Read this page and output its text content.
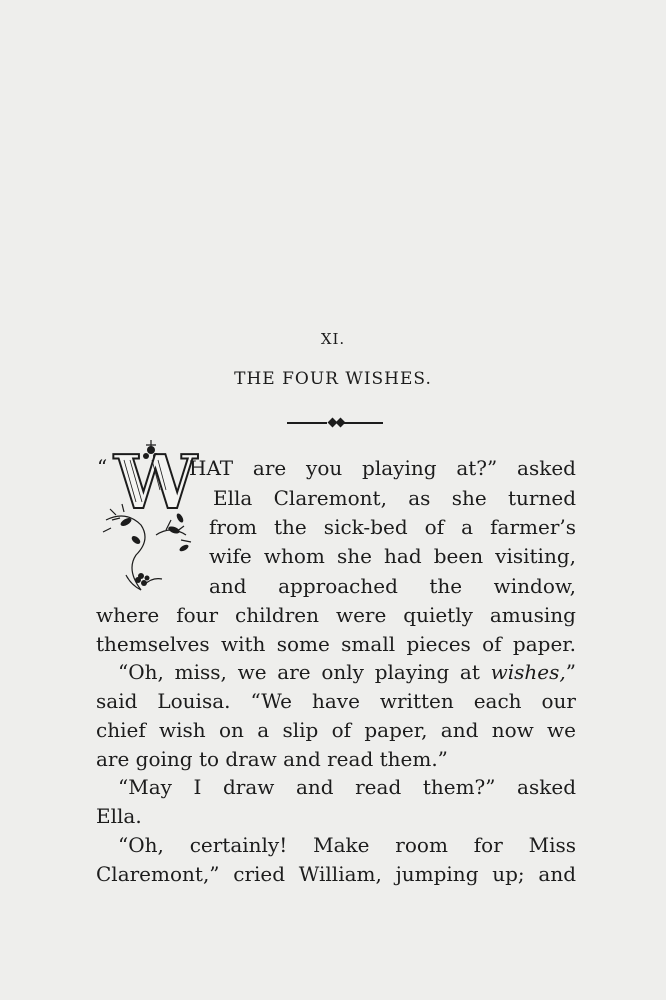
XI.
THE FOUR WISHES.
“ W
HAT are you playing at?” asked
Ella Claremont, as she turned
from the sick-bed of a farmer’s
wife whom she had been visiting,
and approached the window,
where four children were quietly amusing
themselves with some small pieces of paper.
“Oh, miss, we are only playing at wishes,”
said Louisa. “We have written each our
chief wish on a slip of paper, and now we
are going to draw and read them.”
“May I draw and read them?” asked
Ella.
“Oh, certainly! Make room for Miss
Claremont,” cried William, jumping up; and
